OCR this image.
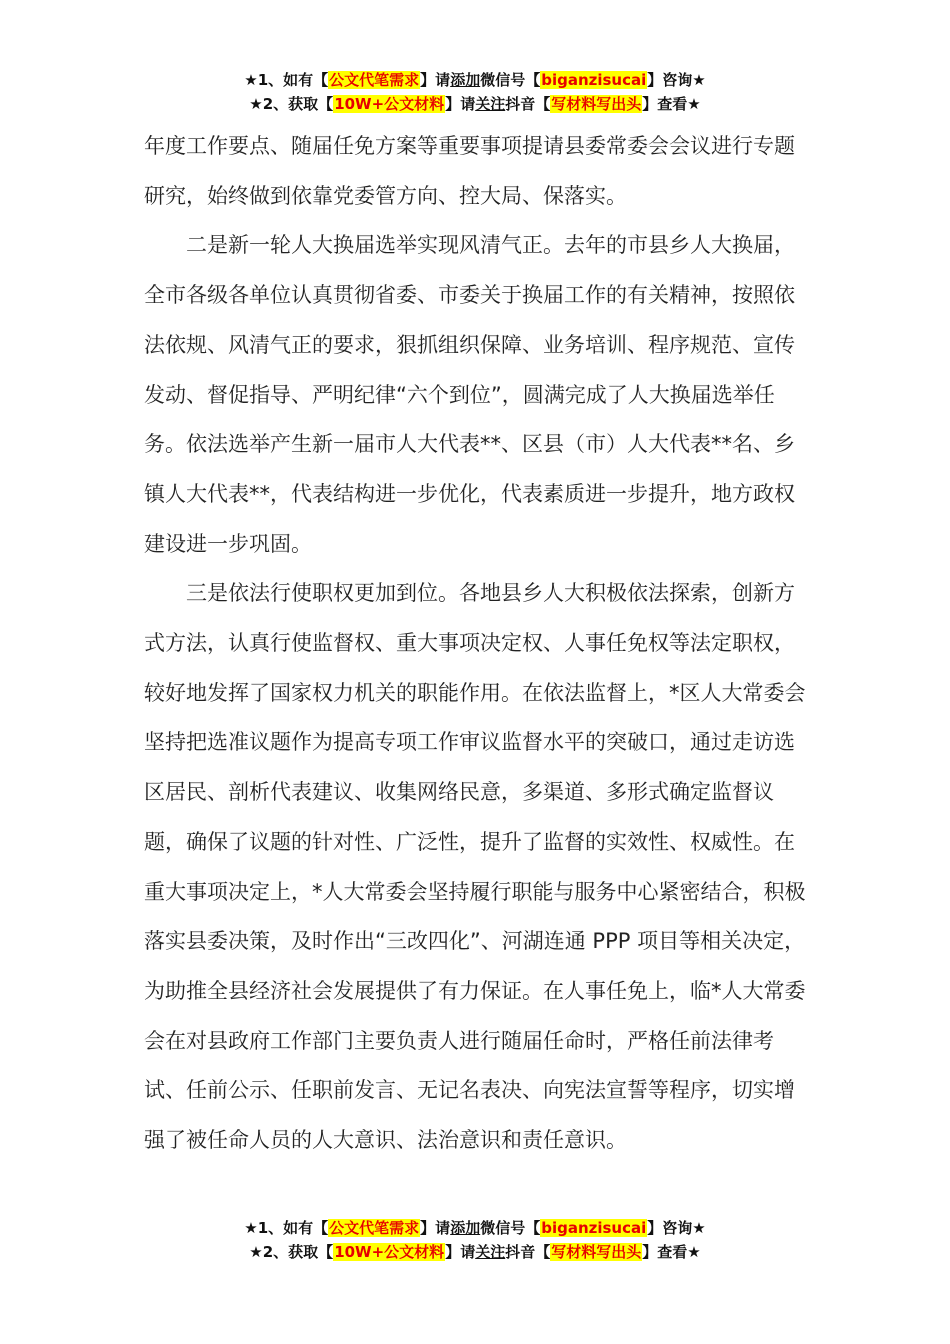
★1、如有【公文代笔需求】请添加微信号【biganzisucai】咨询★
★2、获取【10W+公文材料】请关注抖音【写材料写出头】查看★

年度工作要点、随届任免方案等重要事项提请县委常委会会议进行专题研究，始终做到依靠党委管方向、控大局、保落实。

二是新一轮人大换届选举实现风清气正。去年的市县乡人大换届，全市各级各单位认真贯彻省委、市委关于换届工作的有关精神，按照依法依规、风清气正的要求，狠抓组织保障、业务培训、程序规范、宣传发动、督促指导、严明纪律“六个到位”，圆满完成了人大换届选举任务。依法选举产生新一届市人大代表**、区县（市）人大代表**名、乡镇人大代表**，代表结构进一步优化，代表素质进一步提升，地方政权建设进一步巩固。

三是依法行使职权更加到位。各地县乡人大积极依法探索，创新方式方法，认真行使监督权、重大事项决定权、人事任免权等法定职权，较好地发挥了国家权力机关的职能作用。在依法监督上，*区人大常委会坚持把选准议题作为提高专项工作审议监督水平的突破口，通过走访选区居民、剖析代表建议、收集网络民意，多渠道、多形式确定监督议题，确保了议题的针对性、广泛性，提升了监督的实效性、权威性。在重大事项决定上，*人大常委会坚持履行职能与服务中心紧密结合，积极落实县委决策，及时作出“三改四化”、河湖连通 PPP 项目等相关决定，为助推全县经济社会发展提供了有力保证。在人事任免上，临*人大常委会在对县政府工作部门主要负责人进行随届任命时，严格任前法律考试、任前公示、任职前发言、无记名表决、向宪法宣誓等程序，切实增强了被任命人员的人大意识、法治意识和责任意识。

★1、如有【公文代笔需求】请添加微信号【biganzisucai】咨询★
★2、获取【10W+公文材料】请关注抖音【写材料写出头】查看★
